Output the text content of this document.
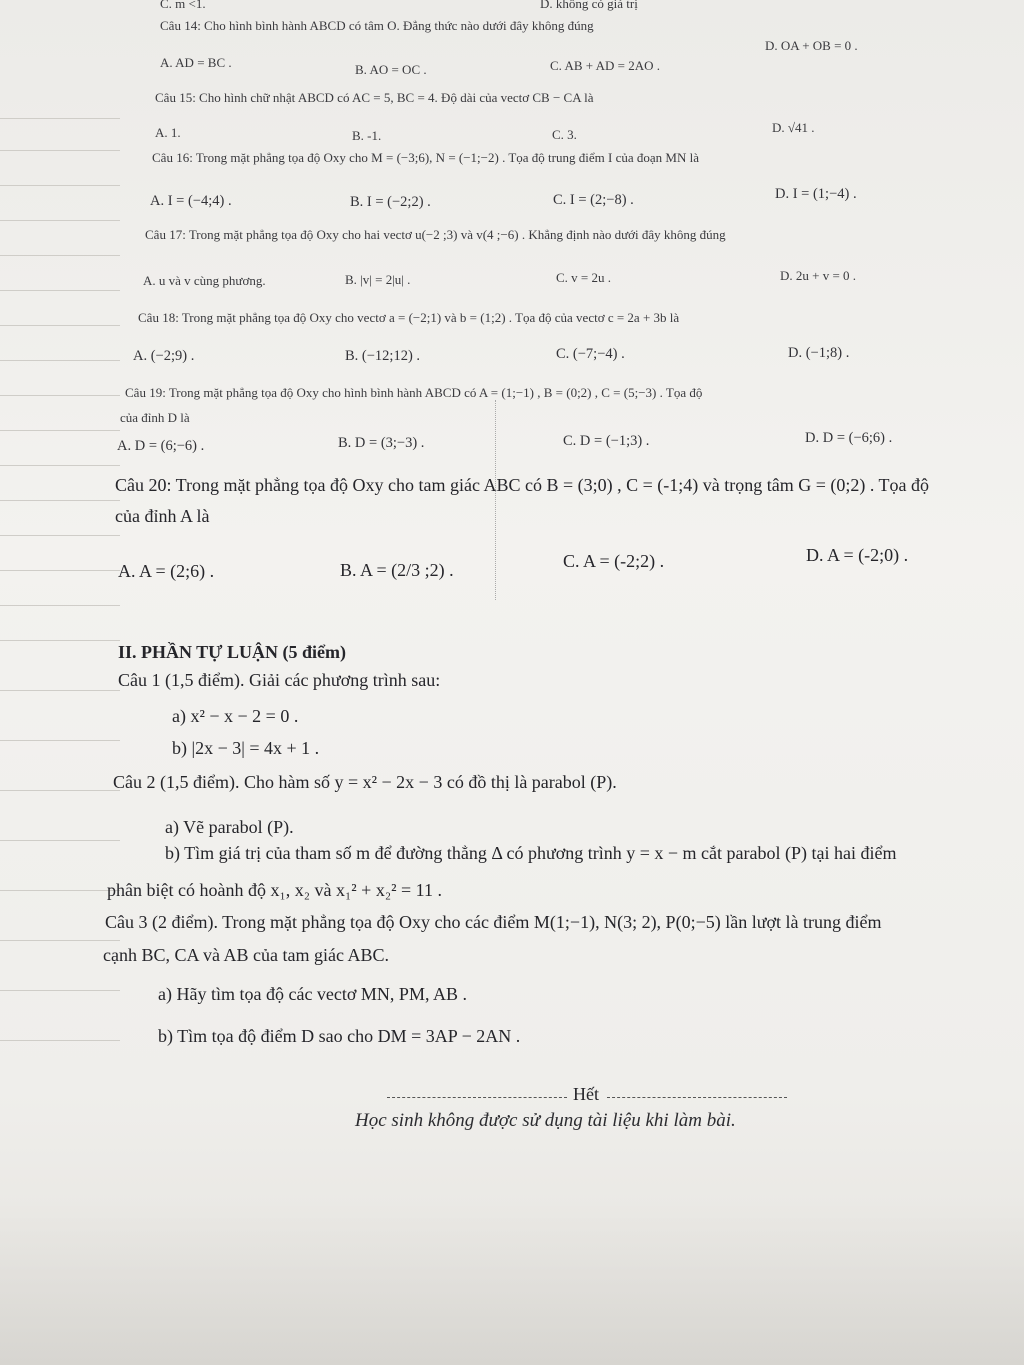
C. m <1.	D. không có giá trị
Câu 14: Cho hình bình hành ABCD có tâm O. Đẳng thức nào dưới đây không đúng
A. AD = BC .	B. AO = OC .	C. AB + AD = 2AO .
D. OA + OB = 0 .
Câu 15: Cho hình chữ nhật ABCD có AC = 5, BC = 4. Độ dài của vectơ CB − CA là
A. 1.	B. -1.	C. 3.	D. √41 .
Câu 16: Trong mặt phẳng tọa độ Oxy cho M = (−3;6), N = (−1;−2) . Tọa độ trung điểm I của đoạn MN là
A. I = (−4;4) .	B. I = (−2;2) .	C. I = (2;−8) .	D. I = (1;−4) .
Câu 17: Trong mặt phẳng tọa độ Oxy cho hai vectơ u(−2 ;3) và v(4 ;−6) . Khẳng định nào dưới đây không đúng
A. u và v cùng phương.	B. |v| = 2|u| .	C. v = 2u .	D. 2u + v = 0 .
Câu 18: Trong mặt phẳng tọa độ Oxy cho vectơ a = (−2;1) và b = (1;2) . Tọa độ của vectơ c = 2a + 3b là
A. (−2;9) .	B. (−12;12) .	C. (−7;−4) .	D. (−1;8) .
Câu 19: Trong mặt phẳng tọa độ Oxy cho hình bình hành ABCD có A = (1;−1) , B = (0;2) , C = (5;−3) . Tọa độ
của đỉnh D là
A. D = (6;−6) .	B. D = (3;−3) .	C. D = (−1;3) .	D. D = (−6;6) .
Câu 20: Trong mặt phẳng tọa độ Oxy cho tam giác ABC có B = (3;0) , C = (-1;4) và trọng tâm G = (0;2) . Tọa độ
của đỉnh A là
A. A = (2;6) .	B. A = (2/3 ;2) .	C. A = (-2;2) .	D. A = (-2;0) .
II. PHẦN TỰ LUẬN (5 điểm)
Câu 1 (1,5 điểm). Giải các phương trình sau:
a) x² − x − 2 = 0 .
b) |2x − 3| = 4x + 1 .
Câu 2 (1,5 điểm). Cho hàm số y = x² − 2x − 3 có đồ thị là parabol (P).
a) Vẽ parabol (P).
b) Tìm giá trị của tham số m để đường thẳng Δ có phương trình y = x − m cắt parabol (P) tại hai điểm
phân biệt có hoành độ x₁, x₂ và x₁² + x₂² = 11 .
Câu 3 (2 điểm). Trong mặt phẳng tọa độ Oxy cho các điểm M(1;−1), N(3; 2), P(0;−5) lần lượt là trung điểm
cạnh BC, CA và AB của tam giác ABC.
a) Hãy tìm tọa độ các vectơ MN, PM, AB .
b) Tìm tọa độ điểm D sao cho DM = 3AP − 2AN .
Hết
Học sinh không được sử dụng tài liệu khi làm bài.
